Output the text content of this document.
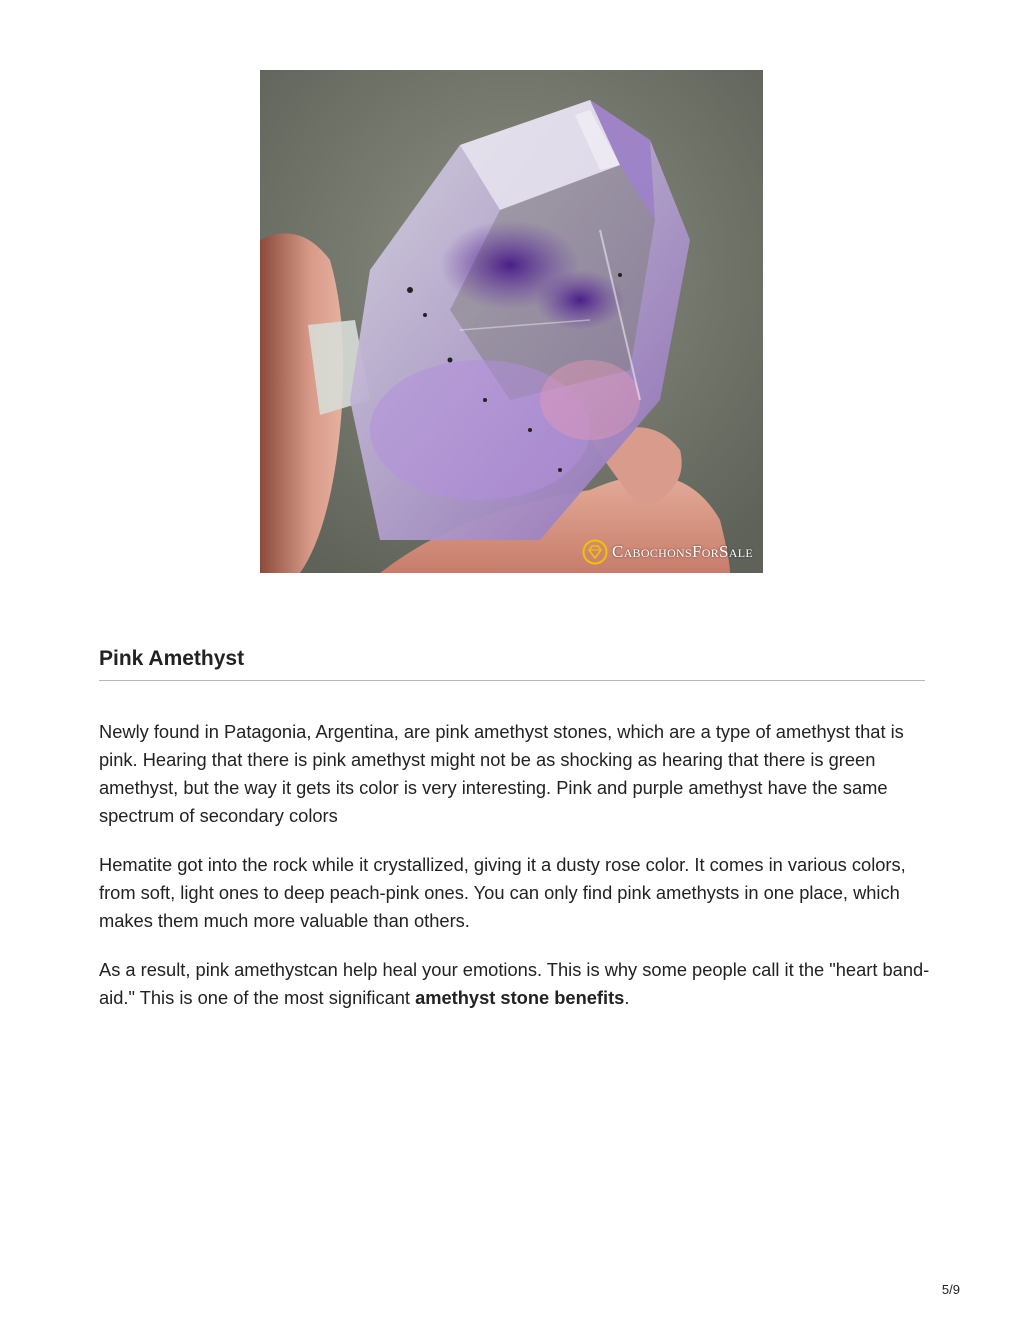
CabochonsForSale
Pink Amethyst

Newly found in Patagonia, Argentina, are pink amethyst stones, which are a type of amethyst that is pink. Hearing that there is pink amethyst might not be as shocking as hearing that there is green amethyst, but the way it gets its color is very interesting. Pink and purple amethyst have the same spectrum of secondary colors

Hematite got into the rock while it crystallized, giving it a dusty rose color. It comes in various colors, from soft, light ones to deep peach-pink ones. You can only find pink amethysts in one place, which makes them much more valuable than others.

As a result, pink amethystcan help heal your emotions. This is why some people call it the "heart band-aid." This is one of the most significant amethyst stone benefits.

5/9
